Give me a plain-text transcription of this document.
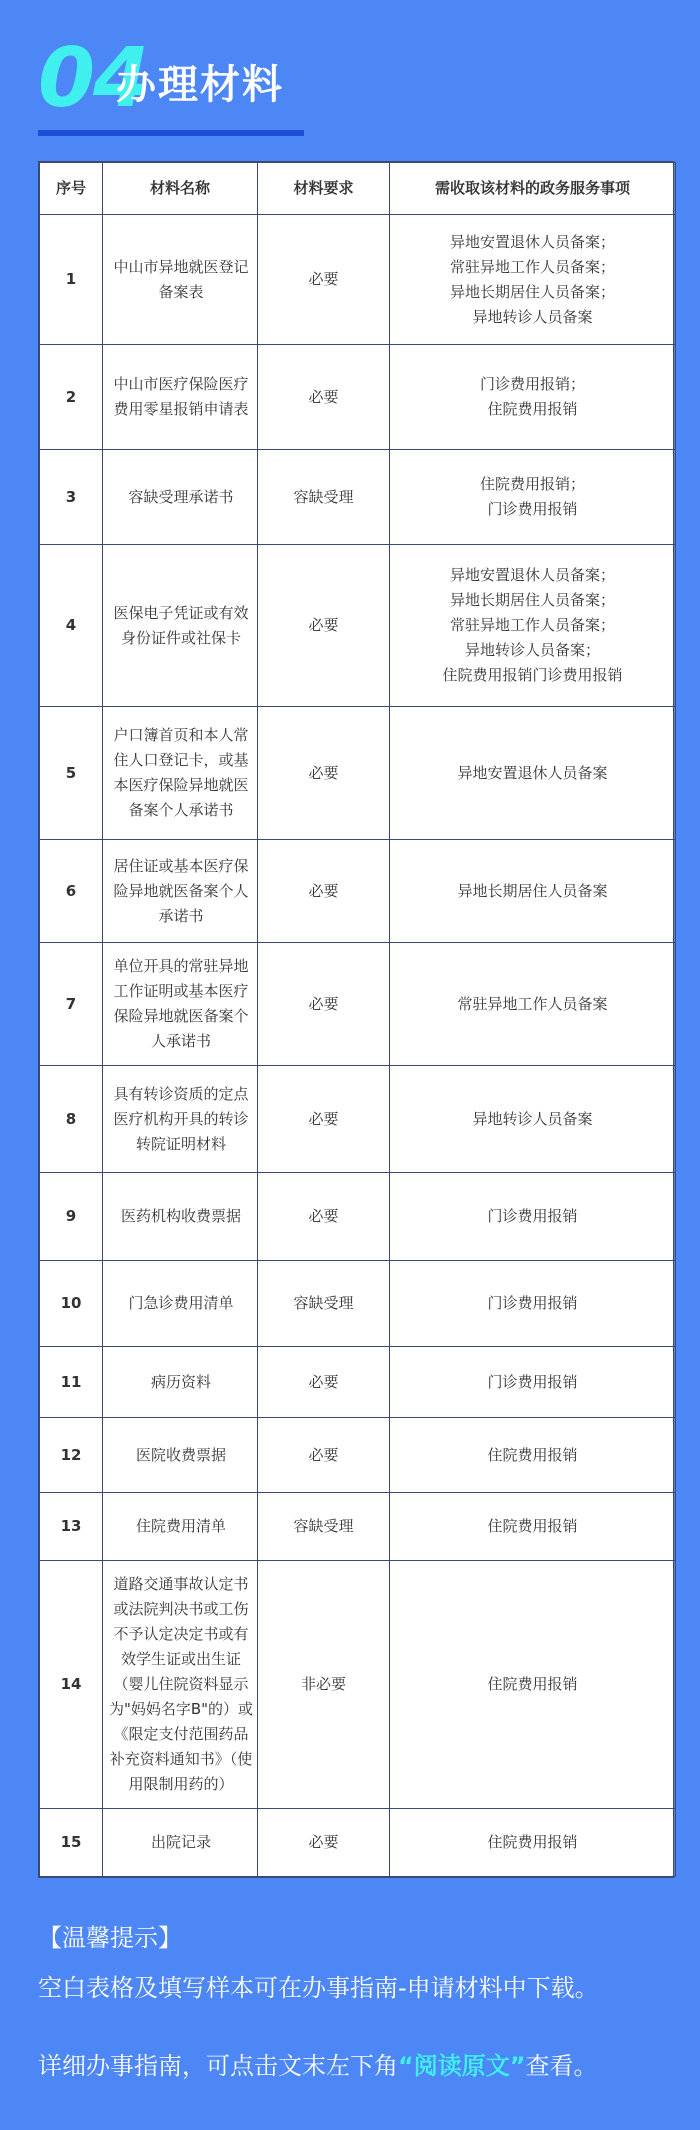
04
办理材料
序号	材料名称	材料要求	需收取该材料的政务服务事项
1	中山市异地就医登记备案表	必要	异地安置退休人员备案；
常驻异地工作人员备案；
异地长期居住人员备案；
异地转诊人员备案
2	中山市医疗保险医疗费用零星报销申请表	必要	门诊费用报销；
住院费用报销
3	容缺受理承诺书	容缺受理	住院费用报销；
门诊费用报销
4	医保电子凭证或有效身份证件或社保卡	必要	异地安置退休人员备案；
异地长期居住人员备案；
常驻异地工作人员备案；
异地转诊人员备案；
住院费用报销门诊费用报销
5	户口簿首页和本人常住人口登记卡，或基本医疗保险异地就医备案个人承诺书	必要	异地安置退休人员备案
6	居住证或基本医疗保险异地就医备案个人承诺书	必要	异地长期居住人员备案
7	单位开具的常驻异地工作证明或基本医疗保险异地就医备案个人承诺书	必要	常驻异地工作人员备案
8	具有转诊资质的定点医疗机构开具的转诊转院证明材料	必要	异地转诊人员备案
9	医药机构收费票据	必要	门诊费用报销
10	门急诊费用清单	容缺受理	门诊费用报销
11	病历资料	必要	门诊费用报销
12	医院收费票据	必要	住院费用报销
13	住院费用清单	容缺受理	住院费用报销
14	道路交通事故认定书或法院判决书或工伤不予认定决定书或有效学生证或出生证（婴儿住院资料显示为"妈妈名字B"的）或《限定支付范围药品补充资料通知书》（使用限制用药的）	非必要	住院费用报销
15	出院记录	必要	住院费用报销
【温馨提示】
空白表格及填写样本可在办事指南-申请材料中下载。
详细办事指南，可点击文末左下角“阅读原文”查看。
